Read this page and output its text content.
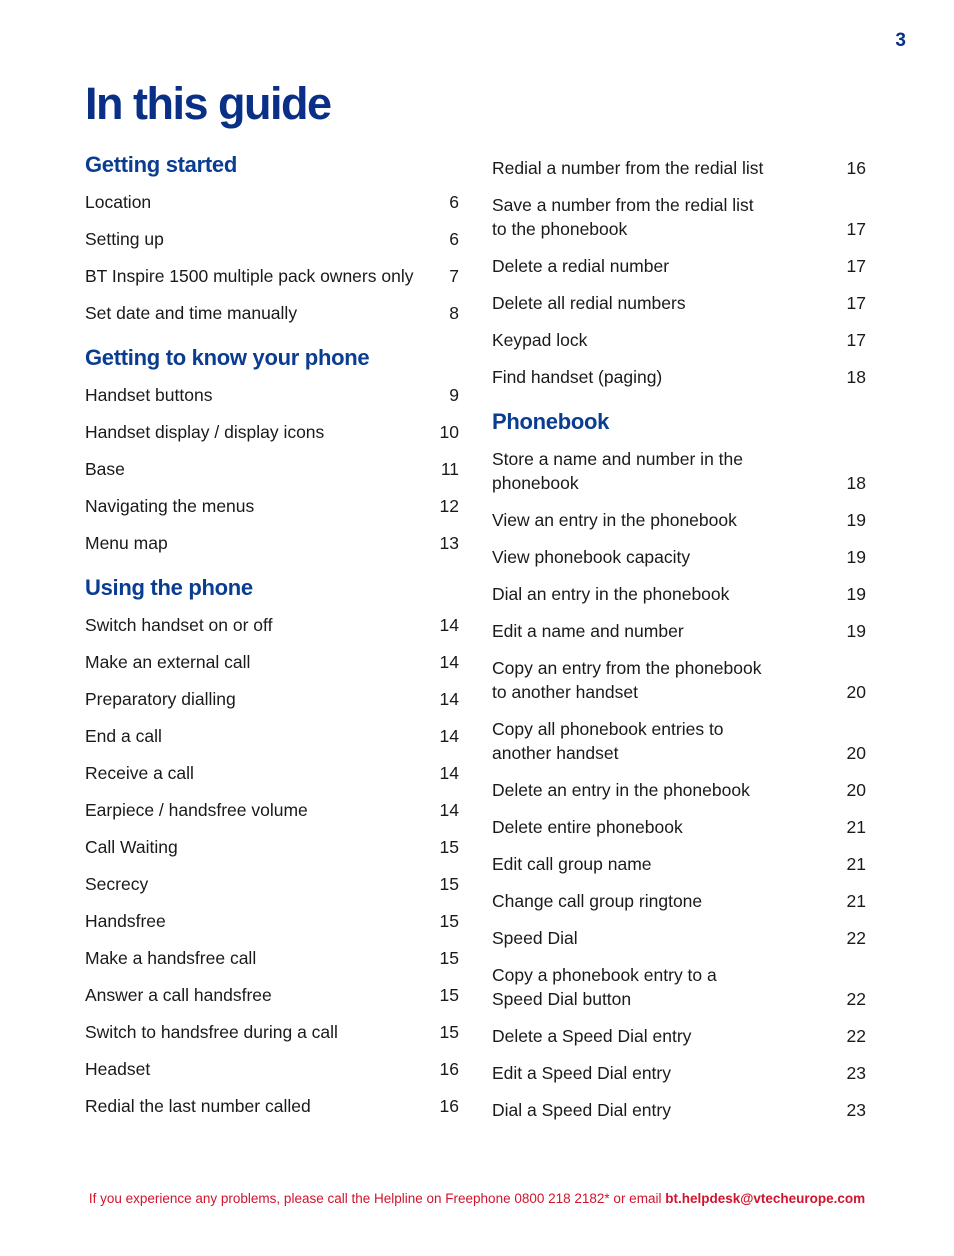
3
In this guide
Getting started
Location	6
Setting up	6
BT Inspire 1500 multiple pack owners only	7
Set date and time manually	8
Getting to know your phone
Handset buttons	9
Handset display / display icons	10
Base	11
Navigating the menus	12
Menu map	13
Using the phone
Switch handset on or off	14
Make an external call	14
Preparatory dialling	14
End a call	14
Receive a call	14
Earpiece / handsfree volume	14
Call Waiting	15
Secrecy	15
Handsfree	15
Make a handsfree call	15
Answer a call handsfree	15
Switch to handsfree during a call	15
Headset	16
Redial the last number called	16
Redial a number from the redial list	16
Save a number from the redial list
to the phonebook	17
Delete a redial number	17
Delete all redial numbers	17
Keypad lock	17
Find handset (paging)	18
Phonebook
Store a name and number in the phonebook	18
View an entry in the phonebook	19
View phonebook capacity	19
Dial an entry in the phonebook	19
Edit a name and number	19
Copy an entry from the phonebook
to another handset	20
Copy all phonebook entries to
another handset	20
Delete an entry in the phonebook	20
Delete entire phonebook	21
Edit call group name	21
Change call group ringtone	21
Speed Dial	22
Copy a phonebook entry to a
Speed Dial button	22
Delete a Speed Dial entry	22
Edit a Speed Dial entry	23
Dial a Speed Dial entry	23
If you experience any problems, please call the Helpline on Freephone 0800 218 2182* or email bt.helpdesk@vtecheurope.com
